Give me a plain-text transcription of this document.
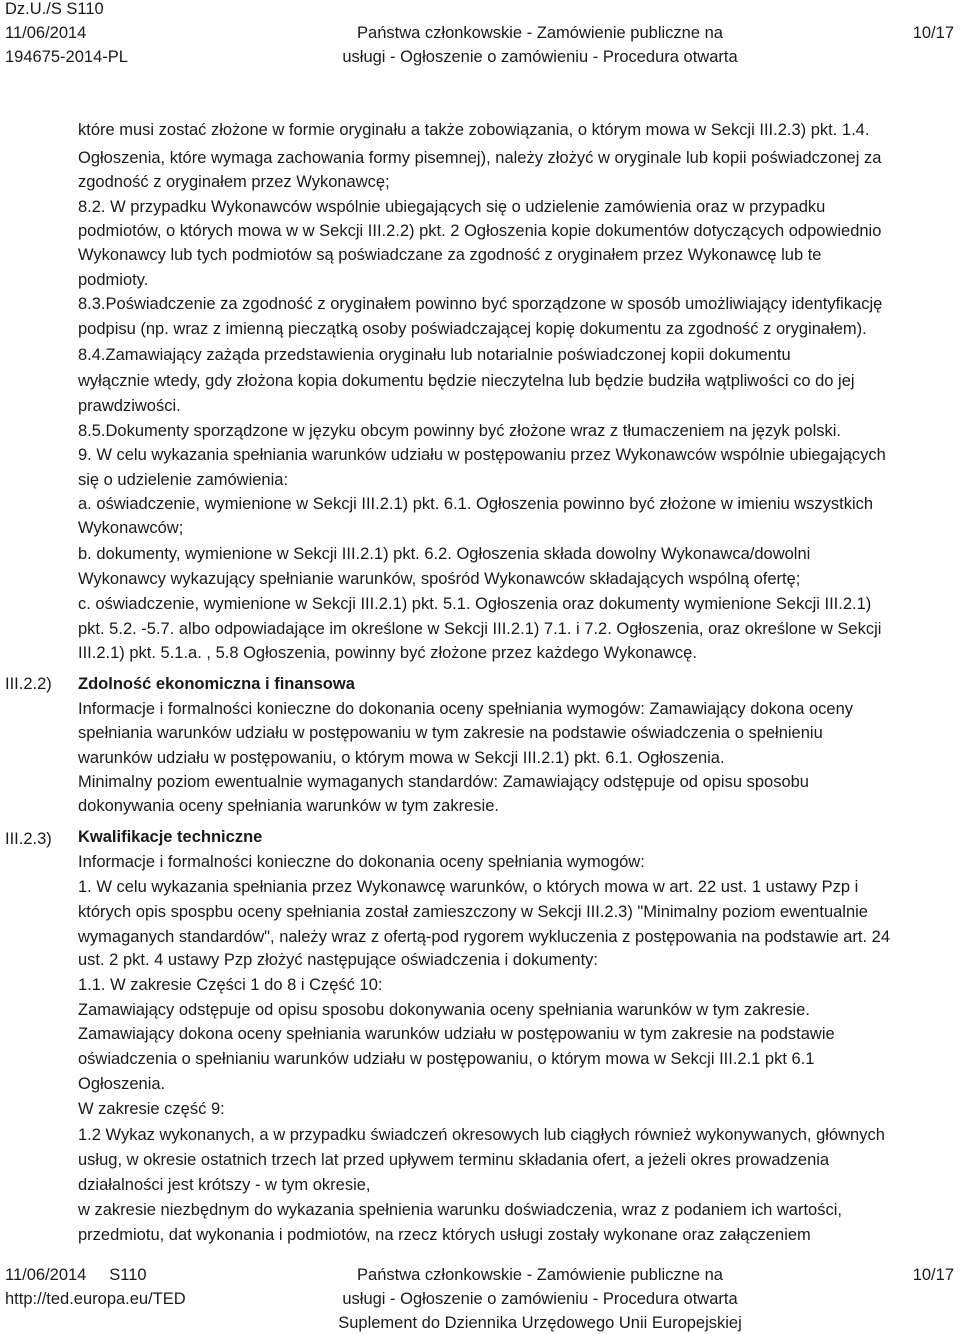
Dz.U./S S110
11/06/2014
194675-2014-PL
Państwa członkowskie - Zamówienie publiczne na
usługi - Ogłoszenie o zamówieniu - Procedura otwarta
10/17
III.2.2)
III.2.3)
które musi zostać złożone w formie oryginału a także zobowiązania, o którym mowa w Sekcji III.2.3) pkt. 1.4.
Ogłoszenia, które wymaga zachowania formy pisemnej), należy złożyć w oryginale lub kopii poświadczonej za
zgodność z oryginałem przez Wykonawcę;
8.2. W przypadku Wykonawców wspólnie ubiegających się o udzielenie zamówienia oraz w przypadku
podmiotów, o których mowa w w Sekcji III.2.2) pkt. 2 Ogłoszenia kopie dokumentów dotyczących odpowiednio
Wykonawcy lub tych podmiotów są poświadczane za zgodność z oryginałem przez Wykonawcę lub te
podmioty.
8.3.Poświadczenie za zgodność z oryginałem powinno być sporządzone w sposób umożliwiający identyfikację
podpisu (np. wraz z imienną pieczątką osoby poświadczającej kopię dokumentu za zgodność z oryginałem).
8.4.Zamawiający zażąda przedstawienia oryginału lub notarialnie poświadczonej kopii dokumentu
wyłącznie wtedy, gdy złożona kopia dokumentu będzie nieczytelna lub będzie budziła wątpliwości co do jej
prawdziwości.
8.5.Dokumenty sporządzone w języku obcym powinny być złożone wraz z tłumaczeniem na język polski.
9. W celu wykazania spełniania warunków udziału w postępowaniu przez Wykonawców wspólnie ubiegających
się o udzielenie zamówienia:
a. oświadczenie, wymienione w Sekcji III.2.1) pkt. 6.1. Ogłoszenia powinno być złożone w imieniu wszystkich
Wykonawców;
b. dokumenty, wymienione w Sekcji III.2.1) pkt. 6.2. Ogłoszenia składa dowolny Wykonawca/dowolni
Wykonawcy wykazujący spełnianie warunków, spośród Wykonawców składających wspólną ofertę;
c. oświadczenie, wymienione w Sekcji III.2.1) pkt. 5.1. Ogłoszenia oraz dokumenty wymienione Sekcji III.2.1)
pkt. 5.2. -5.7. albo odpowiadające im określone w Sekcji III.2.1) 7.1. i 7.2. Ogłoszenia, oraz określone w Sekcji
III.2.1) pkt. 5.1.a. , 5.8 Ogłoszenia, powinny być złożone przez każdego Wykonawcę.
Zdolność ekonomiczna i finansowa
Informacje i formalności konieczne do dokonania oceny spełniania wymogów: Zamawiający dokona oceny
spełniania warunków udziału w postępowaniu w tym zakresie na podstawie oświadczenia o spełnieniu
warunków udziału w postępowaniu, o którym mowa w Sekcji III.2.1) pkt. 6.1. Ogłoszenia.
Minimalny poziom ewentualnie wymaganych standardów: Zamawiający odstępuje od opisu sposobu
dokonywania oceny spełniania warunków w tym zakresie.
Kwalifikacje techniczne
Informacje i formalności konieczne do dokonania oceny spełniania wymogów:
1. W celu wykazania spełniania przez Wykonawcę warunków, o których mowa w art. 22 ust. 1 ustawy Pzp i
których opis spospbu oceny spełniania został zamieszczony w Sekcji III.2.3) "Minimalny poziom ewentualnie
wymaganych standardów", należy wraz z ofertą-pod rygorem wykluczenia z postępowania na podstawie art. 24
ust. 2 pkt. 4 ustawy Pzp złożyć następujące oświadczenia i dokumenty:
1.1. W zakresie Części 1 do 8 i Część 10:
Zamawiający odstępuje od opisu sposobu dokonywania oceny spełniania warunków w tym zakresie.
Zamawiający dokona oceny spełniania warunków udziału w postępowaniu w tym zakresie na podstawie
oświadczenia o spełnianiu warunków udziału w postępowaniu, o którym mowa w Sekcji III.2.1 pkt 6.1
Ogłoszenia.
W zakresie część 9:
1.2 Wykaz wykonanych, a w przypadku świadczeń okresowych lub ciągłych również wykonywanych, głównych
usług, w okresie ostatnich trzech lat przed upływem terminu składania ofert, a jeżeli okres prowadzenia
działalności jest krótszy - w tym okresie,
w zakresie niezbędnym do wykazania spełnienia warunku doświadczenia, wraz z podaniem ich wartości,
przedmiotu, dat wykonania i podmiotów, na rzecz których usługi zostały wykonane oraz załączeniem
11/06/2014     S110
http://ted.europa.eu/TED
Państwa członkowskie - Zamówienie publiczne na
usługi - Ogłoszenie o zamówieniu - Procedura otwarta
Suplement do Dziennika Urzędowego Unii Europejskiej
10/17
